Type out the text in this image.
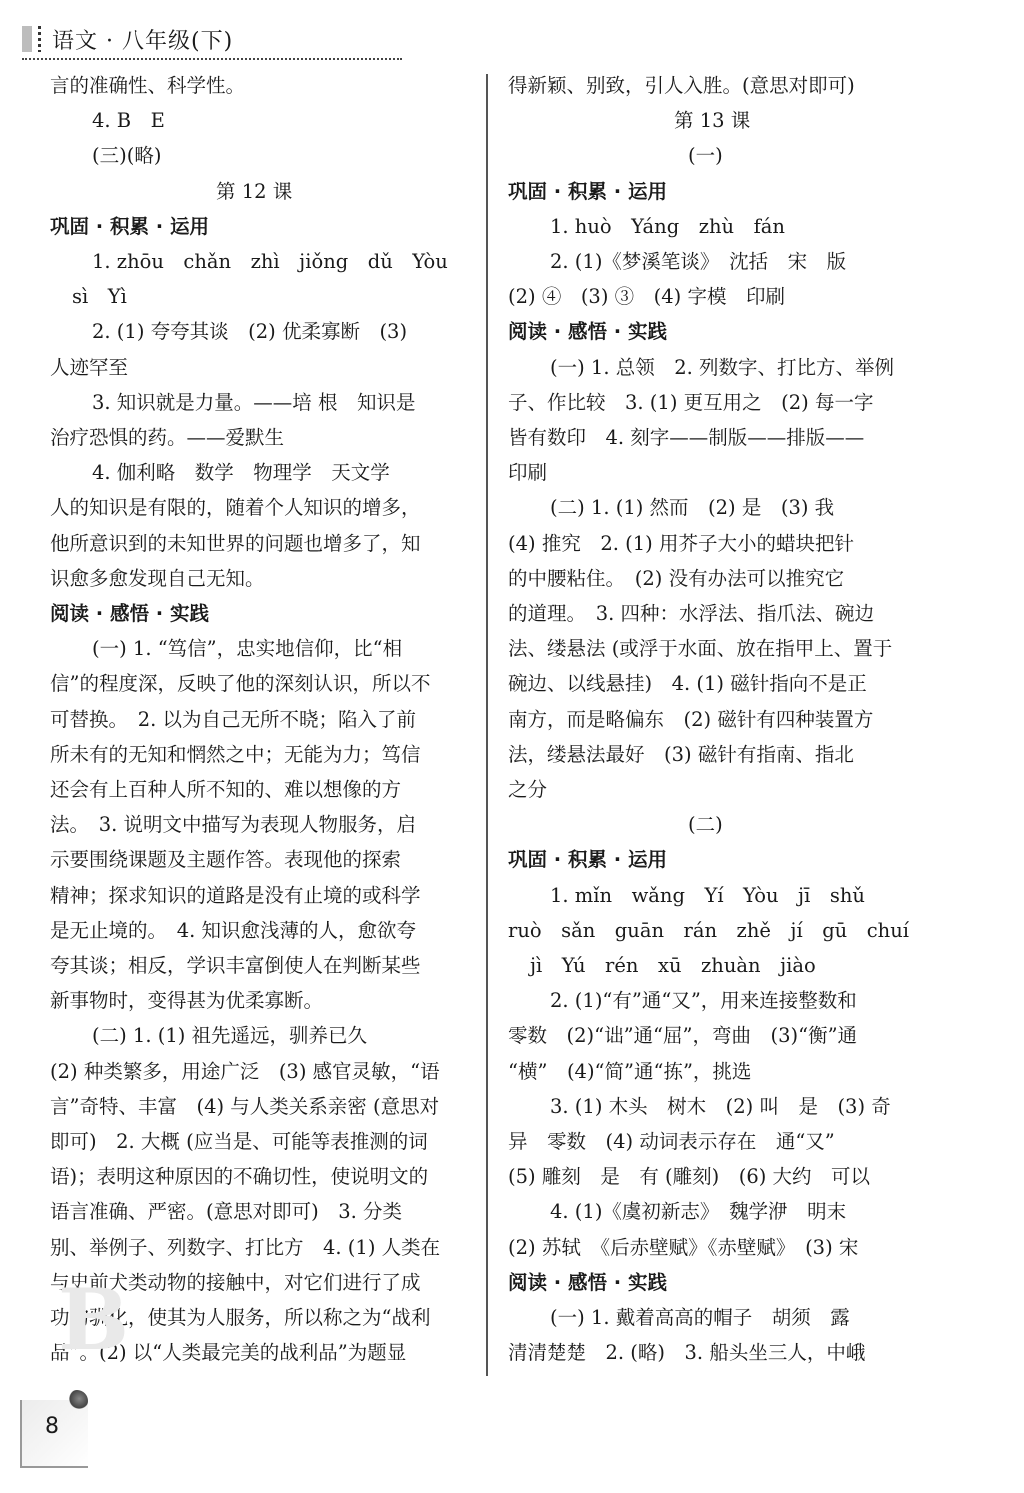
语文 · 八年级(下)
言的准确性、科学性。
4. B　E
(三)(略)
第 12 课
巩固 · 积累 · 运用
1. zhōu　chǎn　zhì　jiǒng　dǔ　Yòu
sì　Yì
2. (1) 夸夸其谈　(2) 优柔寡断　(3)
人迹罕至
3. 知识就是力量。——培 根　知识是
治疗恐惧的药。——爱默生
4. 伽利略　数学　物理学　天文学
人的知识是有限的，随着个人知识的增多，
他所意识到的未知世界的问题也增多了，知
识愈多愈发现自己无知。
阅读 · 感悟 · 实践
(一) 1. “笃信”，忠实地信仰，比“相
信”的程度深，反映了他的深刻认识，所以不
可替换。　2. 以为自己无所不晓；陷入了前
所未有的无知和惘然之中；无能为力；笃信
还会有上百种人所不知的、难以想像的方
法。　3. 说明文中描写为表现人物服务，启
示要围绕课题及主题作答。表现他的探索
精神；探求知识的道路是没有止境的或科学
是无止境的。　4. 知识愈浅薄的人，愈欲夸
夸其谈；相反，学识丰富倒使人在判断某些
新事物时，变得甚为优柔寡断。
(二) 1. (1) 祖先遥远，驯养已久
(2) 种类繁多，用途广泛　(3) 感官灵敏，“语
言”奇特、丰富　(4) 与人类关系亲密 (意思对
即可)　2. 大概 (应当是、可能等表推测的词
语)；表明这种原因的不确切性，使说明文的
语言准确、严密。(意思对即可)　3. 分类
别、举例子、列数字、打比方　4. (1) 人类在
与史前犬类动物的接触中，对它们进行了成
功的驯化，使其为人服务，所以称之为“战利
品”。(2) 以“人类最完美的战利品”为题显
得新颖、别致，引人入胜。(意思对即可)
第 13 课
(一)
巩固 · 积累 · 运用
1. huò　Yáng　zhù　fán
2. (1)《梦溪笔谈》　沈括　宋　版
(2) ④　(3) ③　(4) 字模　印刷
阅读 · 感悟 · 实践
(一) 1. 总领　2. 列数字、打比方、举例
子、作比较　3. (1) 更互用之　(2) 每一字
皆有数印　4. 刻字——制版——排版——
印刷
(二) 1. (1) 然而　(2) 是　(3) 我
(4) 推究　2. (1) 用芥子大小的蜡块把针
的中腰粘住。　(2) 没有办法可以推究它
的道理。　3. 四种：水浮法、指爪法、碗边
法、缕悬法 (或浮于水面、放在指甲上、置于
碗边、以线悬挂)　4. (1) 磁针指向不是正
南方，而是略偏东　(2) 磁针有四种装置方
法，缕悬法最好　(3) 磁针有指南、指北
之分
(二)
巩固 · 积累 · 运用
1. mǐn　wǎng　Yí　Yòu　jī　shǔ
ruò　sǎn　guān　rán　zhě　jí　gū　chuí
jì　Yú　rén　xū　zhuàn　jiào
2. (1)“有”通“又”，用来连接整数和
零数　(2)“诎”通“屈”，弯曲　(3)“衡”通
“横”　(4)“简”通“拣”，挑选
3. (1) 木头　树木　(2) 叫　是　(3) 奇
异　零数　(4) 动词表示存在　通“又”
(5) 雕刻　是　有 (雕刻)　(6) 大约　可以
4. (1)《虞初新志》　魏学洢　明末
(2) 苏轼　《后赤壁赋》《赤壁赋》　(3) 宋
阅读 · 感悟 · 实践
(一) 1. 戴着高高的帽子　胡须　露
清清楚楚　2. (略)　3. 船头坐三人，中峨
B
8
